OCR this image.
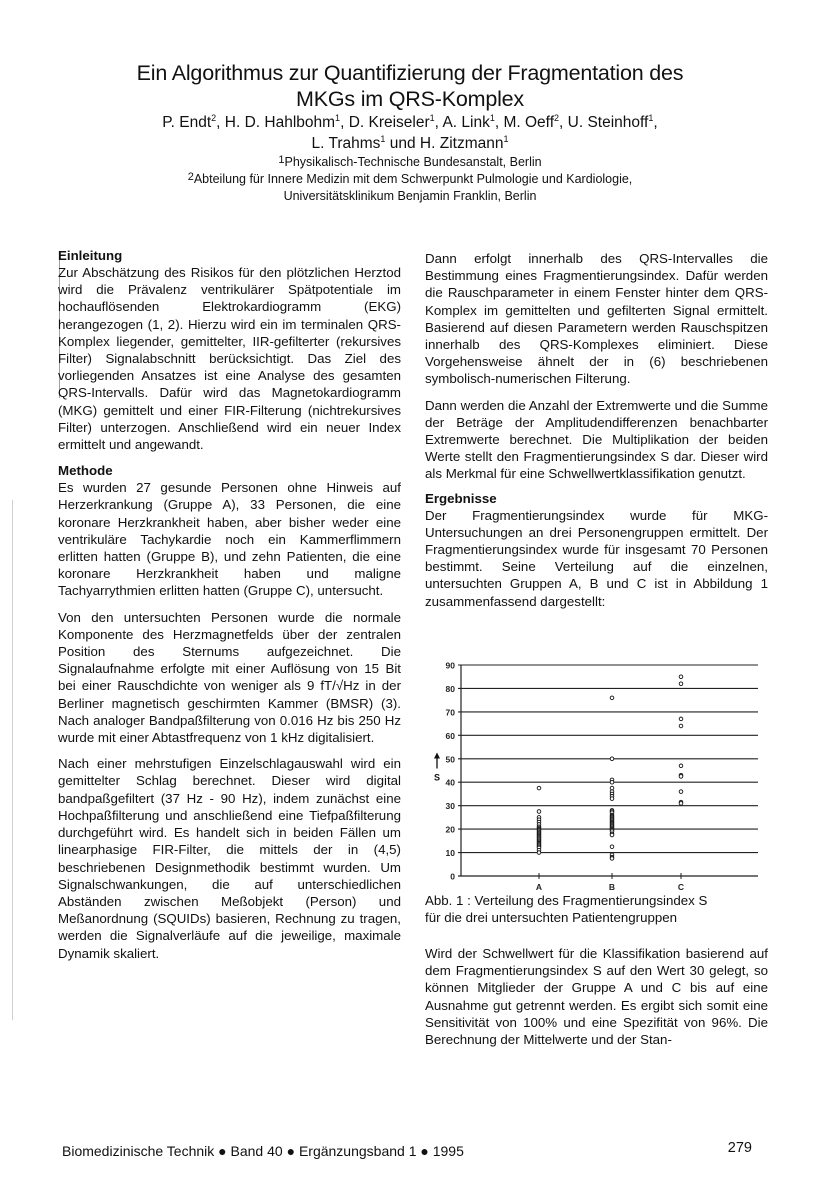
Ein Algorithmus zur Quantifizierung der Fragmentation des
MKGs im QRS-Komplex
P. Endt$^2$, H. D. Hahlbohm$^1$, D. Kreiseler$^1$, A. Link$^1$, M. Oeff$^2$, U. Steinhoff$^1$,
L. Trahms$^1$ und H. Zitzmann$^1$
$^1$Physikalisch-Technische Bundesanstalt, Berlin
$^2$Abteilung für Innere Medizin mit dem Schwerpunkt Pulmologie und Kardiologie,
Universitätsklinikum Benjamin Franklin, Berlin
Einleitung

Zur Abschätzung des Risikos für den plötzlichen Herztod wird die Prävalenz ventrikulärer Spätpotentiale im hochauflösenden Elektrokardiogramm (EKG) herangezogen (1, 2). Hierzu wird ein im terminalen QRS-Komplex liegender, gemittelter, IIR-gefilterter (rekursives Filter) Signalabschnitt berücksichtigt. Das Ziel des vorliegenden Ansatzes ist eine Analyse des gesamten QRS-Intervalls. Dafür wird das Magnetokardiogramm (MKG) gemittelt und einer FIR-Filterung (nichtrekursives Filter) unterzogen. Anschließend wird ein neuer Index ermittelt und angewandt.

Methode

Es wurden 27 gesunde Personen ohne Hinweis auf Herzerkrankung (Gruppe A), 33 Personen, die eine koronare Herzkrankheit haben, aber bisher weder eine ventrikuläre Tachykardie noch ein Kammerflimmern erlitten hatten (Gruppe B), und zehn Patienten, die eine koronare Herzkrankheit haben und maligne Tachyarrythmien erlitten hatten (Gruppe C), untersucht.

Von den untersuchten Personen wurde die normale Komponente des Herzmagnetfelds über der zentralen Position des Sternums aufgezeichnet. Die Signalaufnahme erfolgte mit einer Auflösung von 15 Bit bei einer Rauschdichte von weniger als 9 fT/√Hz in der Berliner magnetisch geschirmten Kammer (BMSR) (3). Nach analoger Bandpaßfilterung von 0.016 Hz bis 250 Hz wurde mit einer Abtastfrequenz von 1 kHz digitalisiert.

Nach einer mehrstufigen Einzelschlagauswahl wird ein gemittelter Schlag berechnet. Dieser wird digital bandpaßgefiltert (37 Hz - 90 Hz), indem zunächst eine Hochpaßfilterung und anschließend eine Tiefpaßfilterung durchgeführt wird. Es handelt sich in beiden Fällen um linearphasige FIR-Filter, die mittels der in (4,5) beschriebenen Designmethodik bestimmt wurden. Um Signalschwankungen, die auf unterschiedlichen Abständen zwischen Meßobjekt (Person) und Meßanordnung (SQUIDs) basieren, Rechnung zu tragen, werden die Signalverläufe auf die jeweilige, maximale Dynamik skaliert.

Dann erfolgt innerhalb des QRS-Intervalles die Bestimmung eines Fragmentierungsindex. Dafür werden die Rauschparameter in einem Fenster hinter dem QRS-Komplex im gemittelten und gefilterten Signal ermittelt. Basierend auf diesen Parametern werden Rauschspitzen innerhalb des QRS-Komplexes eliminiert. Diese Vorgehensweise ähnelt der in (6) beschriebenen symbolisch-numerischen Filterung.

Dann werden die Anzahl der Extremwerte und die Summe der Beträge der Amplitudendifferenzen benachbarter Extremwerte berechnet. Die Multiplikation der beiden Werte stellt den Fragmentierungsindex S dar. Dieser wird als Merkmal für eine Schwellwertklassifikation genutzt.

Ergebnisse

Der Fragmentierungsindex wurde für MKG-Untersuchungen an drei Personengruppen ermittelt. Der Fragmentierungsindex wurde für insgesamt 70 Personen bestimmt. Seine Verteilung auf die einzelnen, untersuchten Gruppen A, B und C ist in Abbildung 1 zusammenfassend dargestellt:

0
10
20
30
40
50
60
70
80
90
S
A	B	C
Abb. 1 : Verteilung des Fragmentierungsindex S
für die drei untersuchten Patientengruppen

Wird der Schwellwert für die Klassifikation basierend auf dem Fragmentierungsindex S auf den Wert 30 gelegt, so können Mitglieder der Gruppe A und C bis auf eine Ausnahme gut getrennt werden. Es ergibt sich somit eine Sensitivität von 100% und eine Spezifität von 96%. Die Berechnung der Mittelwerte und der Stan-

Biomedizinische Technik ● Band 40 ● Ergänzungsband 1 ● 1995	279
